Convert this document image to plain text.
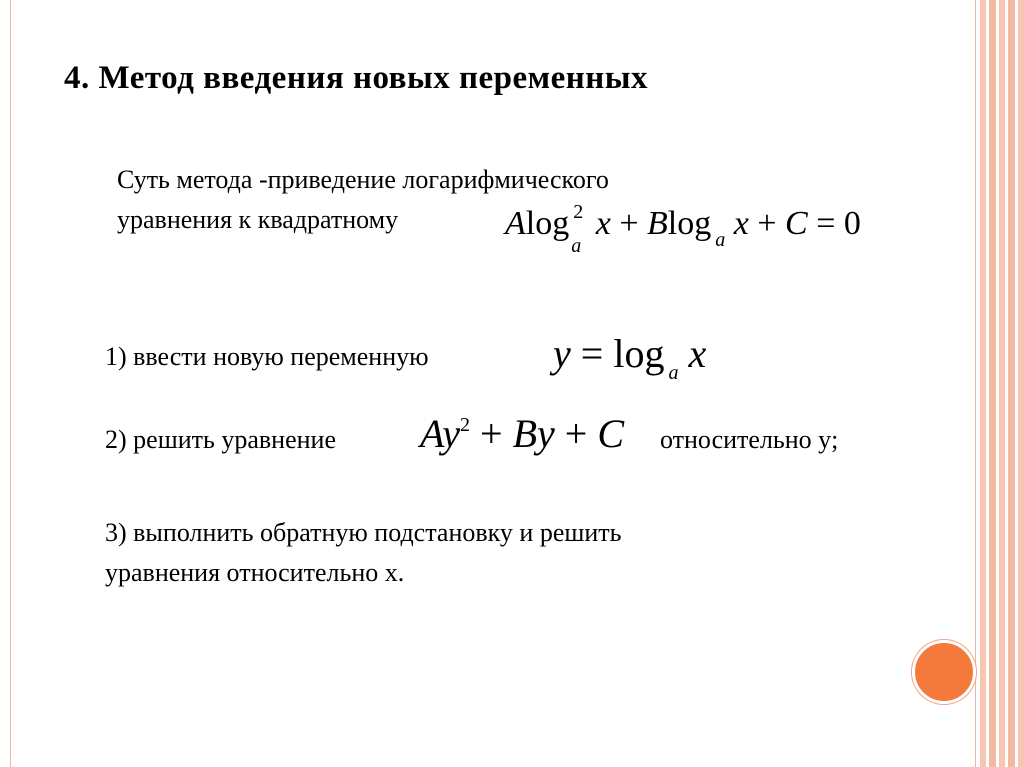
4. Метод введения новых переменных
Суть метода -приведение логарифмического
уравнения к квадратному	Alog 2
a
x + Blog $_a$ x + C = 0
1) ввести новую переменную	y = log $_a$ x
2) решить уравнение $Ay^2 + By + C$ относительно y;
3) выполнить обратную подстановку и решить
уравнения относительно x.
